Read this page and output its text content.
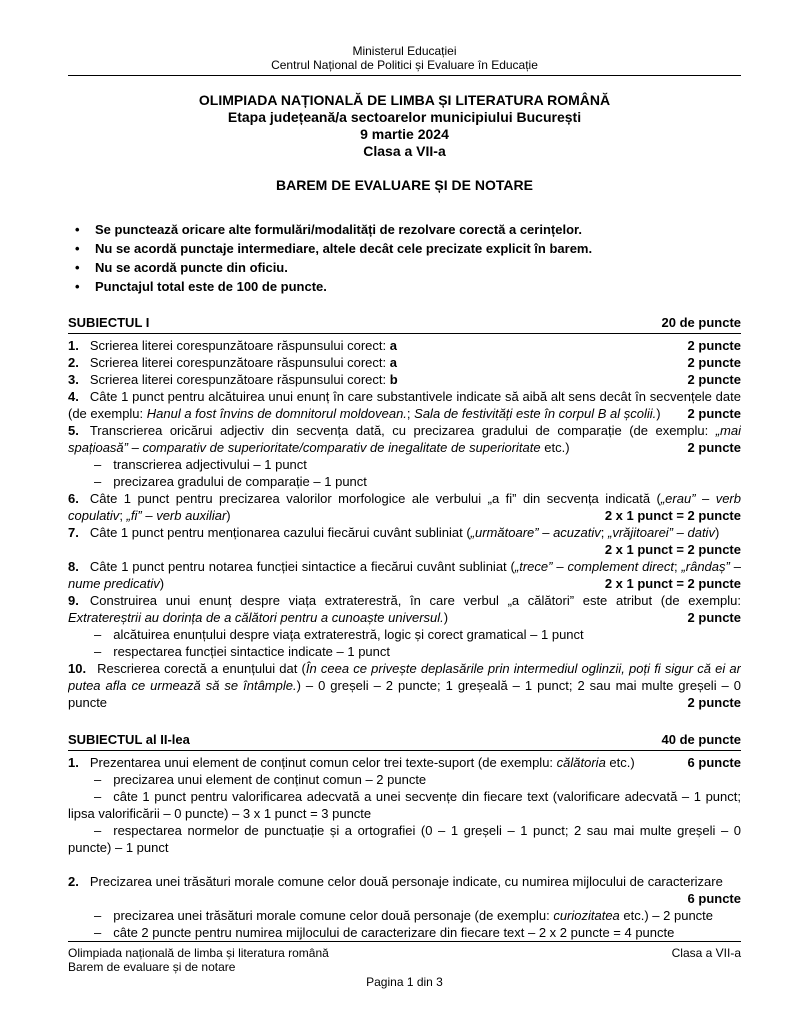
Ministerul Educației
Centrul Național de Politici și Evaluare în Educație
OLIMPIADA NAȚIONALĂ DE LIMBA ȘI LITERATURA ROMÂNĂ
Etapa județeană/a sectoarelor municipiului București
9 martie 2024
Clasa a VII-a
BAREM DE EVALUARE ȘI DE NOTARE
• Se punctează oricare alte formulări/modalități de rezolvare corectă a cerințelor.
• Nu se acordă punctaje intermediare, altele decât cele precizate explicit în barem.
• Nu se acordă puncte din oficiu.
• Punctajul total este de 100 de puncte.
SUBIECTUL I	20 de puncte
1. Scrierea literei corespunzătoare răspunsului corect: a	2 puncte
2. Scrierea literei corespunzătoare răspunsului corect: a	2 puncte
3. Scrierea literei corespunzătoare răspunsului corect: b	2 puncte
4. Câte 1 punct pentru alcătuirea unui enunț în care substantivele indicate să aibă alt sens decât în secvențele date (de exemplu: Hanul a fost învins de domnitorul moldovean.; Sala de festivități este în corpul B al școlii.)	2 puncte
5. Transcrierea oricărui adjectiv din secvența dată, cu precizarea gradului de comparație (de exemplu: „mai spațioasă” – comparativ de superioritate/comparativ de inegalitate de superioritate etc.)	2 puncte
– transcrierea adjectivului – 1 punct
– precizarea gradului de comparație – 1 punct
6. Câte 1 punct pentru precizarea valorilor morfologice ale verbului „a fi” din secvența indicată („erau” – verb copulativ; „fi” – verb auxiliar)	2 x 1 punct = 2 puncte
7. Câte 1 punct pentru menționarea cazului fiecărui cuvânt subliniat („următoare” – acuzativ; „vrăjitoarei” – dativ)
2 x 1 punct = 2 puncte
8. Câte 1 punct pentru notarea funcției sintactice a fiecărui cuvânt subliniat („trece” – complement direct; „rândaș” – nume predicativ)	2 x 1 punct = 2 puncte
9. Construirea unui enunț despre viața extraterestră, în care verbul „a călători” este atribut (de exemplu: Extratereștrii au dorința de a călători pentru a cunoaște universul.)	2 puncte
– alcătuirea enunțului despre viața extraterestră, logic și corect gramatical – 1 punct
– respectarea funcției sintactice indicate – 1 punct
10. Rescrierea corectă a enunțului dat (În ceea ce privește deplasările prin intermediul oglinzii, poți fi sigur că ei ar putea afla ce urmează să se întâmple.) – 0 greșeli – 2 puncte; 1 greșeală – 1 punct; 2 sau mai multe greșeli – 0 puncte	2 puncte
SUBIECTUL al II-lea	40 de puncte
1. Prezentarea unui element de conținut comun celor trei texte-suport (de exemplu: călătoria etc.)	6 puncte
– precizarea unui element de conținut comun – 2 puncte
– câte 1 punct pentru valorificarea adecvată a unei secvențe din fiecare text (valorificare adecvată – 1 punct; lipsa valorificării – 0 puncte) – 3 x 1 punct = 3 puncte
– respectarea normelor de punctuație și a ortografiei (0 – 1 greșeli – 1 punct; 2 sau mai multe greșeli – 0 puncte) – 1 punct
2. Precizarea unei trăsături morale comune celor două personaje indicate, cu numirea mijlocului de caracterizare
6 puncte
– precizarea unei trăsături morale comune celor două personaje (de exemplu: curiozitatea etc.) – 2 puncte
– câte 2 puncte pentru numirea mijlocului de caracterizare din fiecare text – 2 x 2 puncte = 4 puncte
Olimpiada națională de limba și literatura română
Barem de evaluare și de notare
Clasa a VII-a
Pagina 1 din 3
